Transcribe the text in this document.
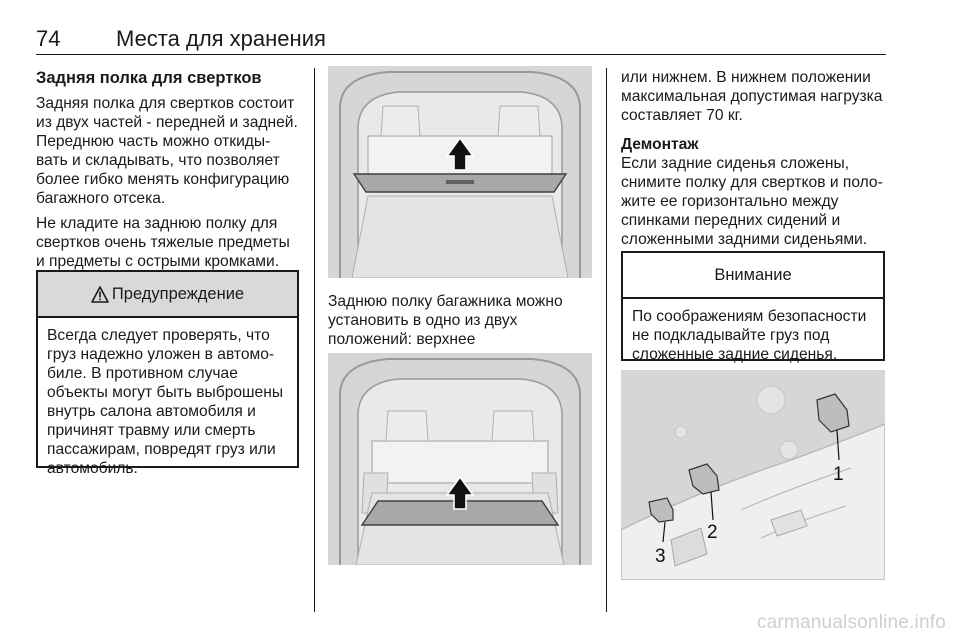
74	Места для хранения
Задняя полка для свертков

Задняя полка для свертков состоит из двух частей - передней и задней. Переднюю часть можно откиды-вать и складывать, что позволяет более гибко менять конфигурацию багажного отсека.

Не кладите на заднюю полку для свертков очень тяжелые предметы и предметы с острыми кромками.

Предупреждение
Всегда следует проверять, что груз надежно уложен в автомо-биле. В противном случае объекты могут быть выброшены внутрь салона автомобиля и причинят травму или смерть пассажирам, повредят груз или автомобиль.

Заднюю полку багажника можно установить в одно из двух положений: верхнее

или нижнем. В нижнем положении максимальная допустимая нагрузка составляет 70 кг.

Демонтаж

Если задние сиденья сложены, снимите полку для свертков и поло-жите ее горизонтально между спинками передних сидений и сложенными задними сиденьями.

Внимание
По соображениям безопасности не подкладывайте груз под сложенные задние сиденья.
1
2
3
carmanualsonline.info
